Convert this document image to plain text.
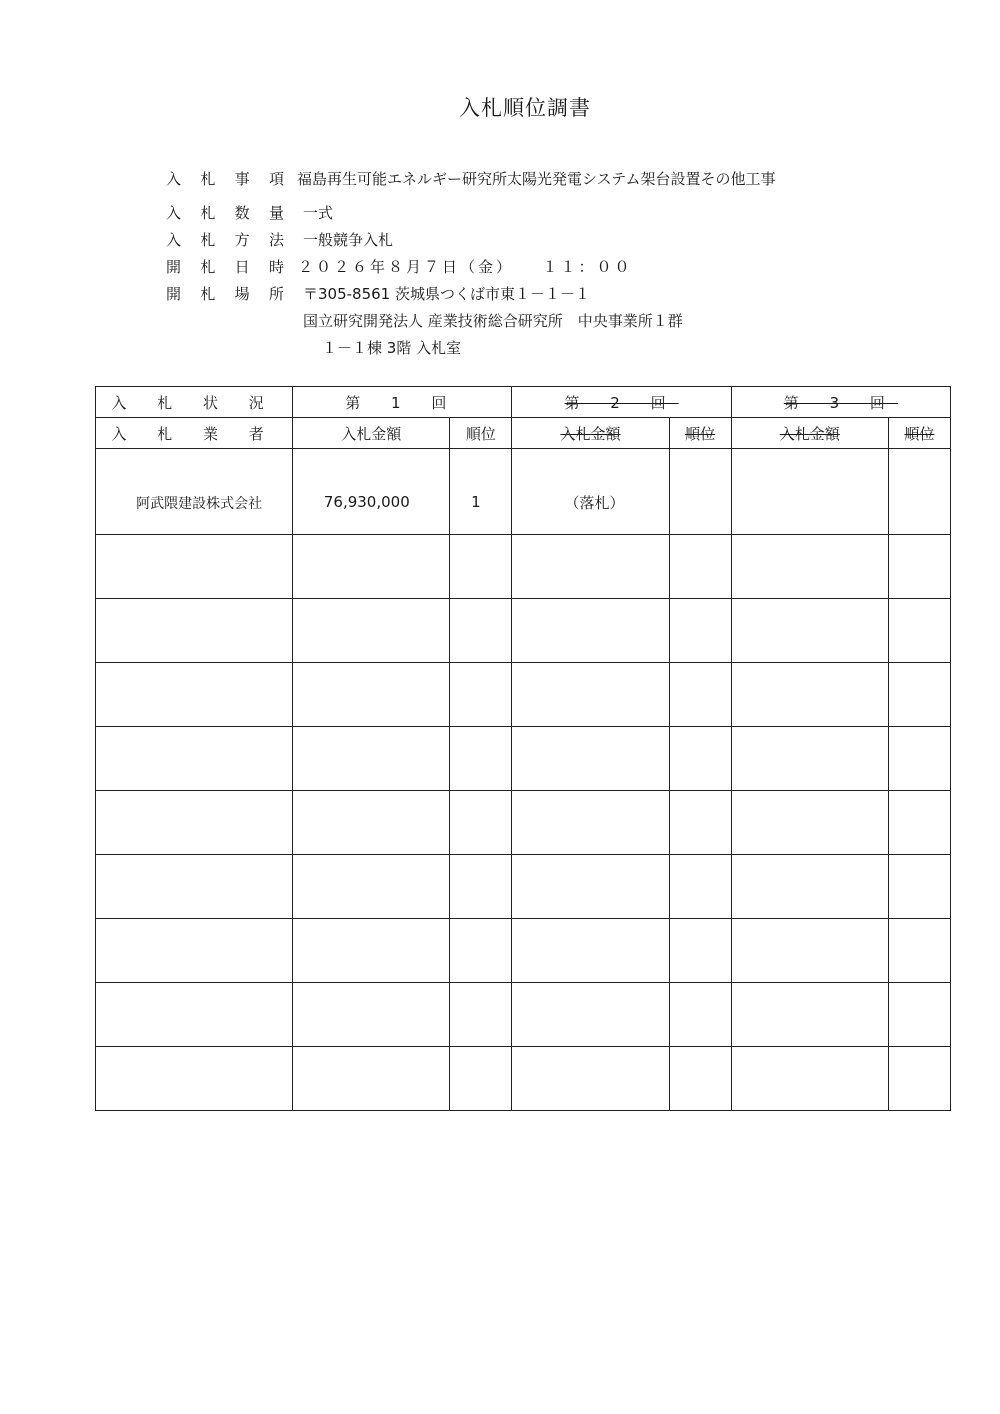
入札順位調書
入 札 事 項 福島再生可能エネルギー研究所太陽光発電システム架台設置その他工事
入 札 数 量 一式
入 札 方 法 一般競争入札
開 札 日 時 ２０２６年８月７日（金）　　１１：００
開 札 場 所 〒305-8561 茨城県つくば市東１－１－１
国立研究開発法人 産業技術総合研究所　中央事業所１群
１－１棟 3階 入札室
入 札 状 況	第 1 回		第 2 回		第 3 回	
入 札 業 者	入札金額	順位	入札金額	順位	入札金額	順位
阿武隈建設株式会社	76,930,000	1	（落札）			
